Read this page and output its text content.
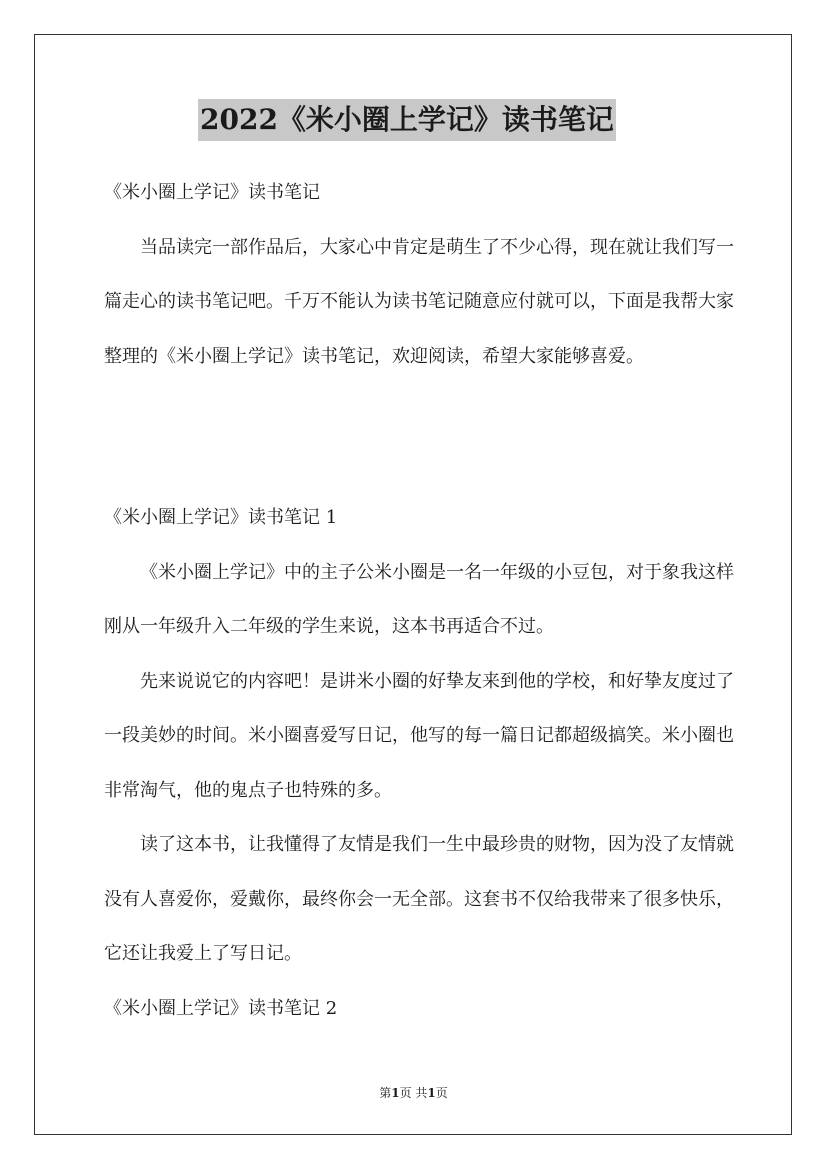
2022《米小圈上学记》读书笔记

《米小圈上学记》读书笔记

当品读完一部作品后，大家心中肯定是萌生了不少心得，现在就让我们写一篇走心的读书笔记吧。千万不能认为读书笔记随意应付就可以，下面是我帮大家整理的《米小圈上学记》读书笔记，欢迎阅读，希望大家能够喜爱。

《米小圈上学记》读书笔记 1

《米小圈上学记》中的主子公米小圈是一名一年级的小豆包，对于象我这样刚从一年级升入二年级的学生来说，这本书再适合不过。

先来说说它的内容吧！是讲米小圈的好挚友来到他的学校，和好挚友度过了一段美妙的时间。米小圈喜爱写日记，他写的每一篇日记都超级搞笑。米小圈也非常淘气，他的鬼点子也特殊的多。

读了这本书，让我懂得了友情是我们一生中最珍贵的财物，因为没了友情就没有人喜爱你，爱戴你，最终你会一无全部。这套书不仅给我带来了很多快乐，它还让我爱上了写日记。

《米小圈上学记》读书笔记 2

第1页 共1页
